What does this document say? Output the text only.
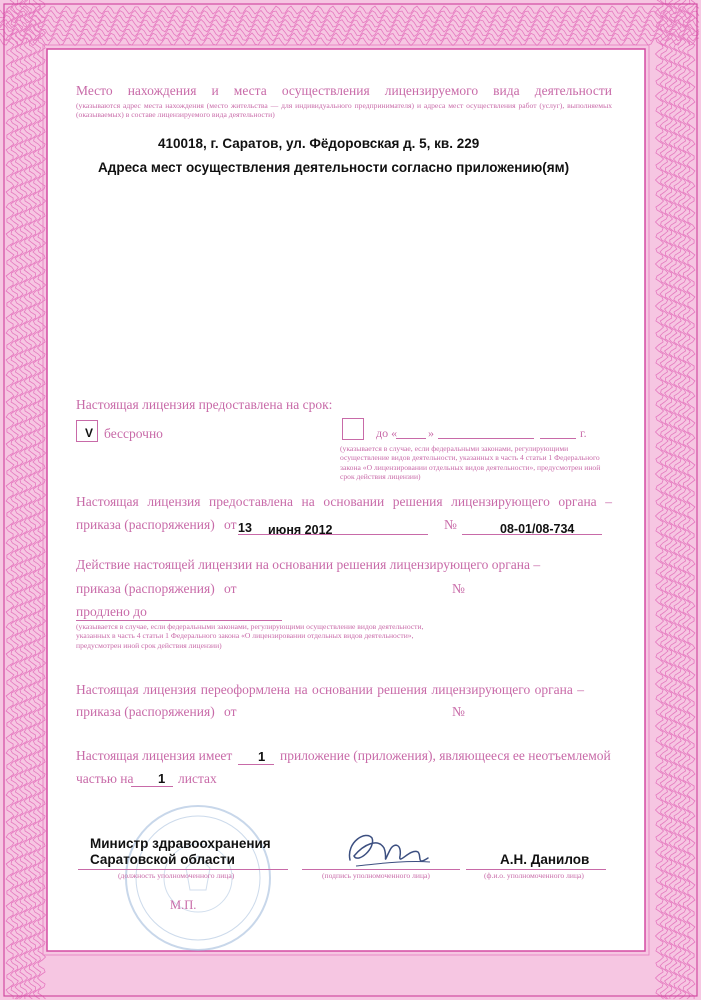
Место нахождения и места осуществления лицензируемого вида деятельности
(указываются адрес места нахождения (место жительства — для индивидуального предпринимателя) и адреса мест осуществления работ (услуг), выполняемых (оказываемых) в составе лицензируемого вида деятельности)
410018, г. Саратов, ул. Фёдоровская д. 5, кв. 229
Адреса мест осуществления деятельности согласно приложению(ям)
Настоящая лицензия предоставлена на срок:
V бессрочно	до «	»	г.
(указывается в случае, если федеральными законами, регулирующими осуществление видов деятельности, указанных в часть 4 статьи 1 Федерального закона «О лицензировании отдельных видов деятельности», предусмотрен иной срок действия лицензии)
Настоящая лицензия предоставлена на основании решения лицензирующего органа –
приказа (распоряжения) от 13 июня 2012	№	08-01/08-734
Действие настоящей лицензии на основании решения лицензирующего органа –
приказа (распоряжения) от	№
продлено до
(указывается в случае, если федеральными законами, регулирующими осуществление видов деятельности, указанных в часть 4 статьи 1 Федерального закона «О лицензировании отдельных видов деятельности», предусмотрен иной срок действия лицензии)
Настоящая лицензия переоформлена на основании решения лицензирующего органа –
приказа (распоряжения) от	№
Настоящая лицензия имеет 1 приложение (приложения), являющееся ее неотъемлемой
частью на 1 листах
Министр здравоохранения
Саратовской области
(должность уполномоченного лица)	(подпись уполномоченного лица)
А.Н. Данилов
(ф.и.о. уполномоченного лица)
М.П.
